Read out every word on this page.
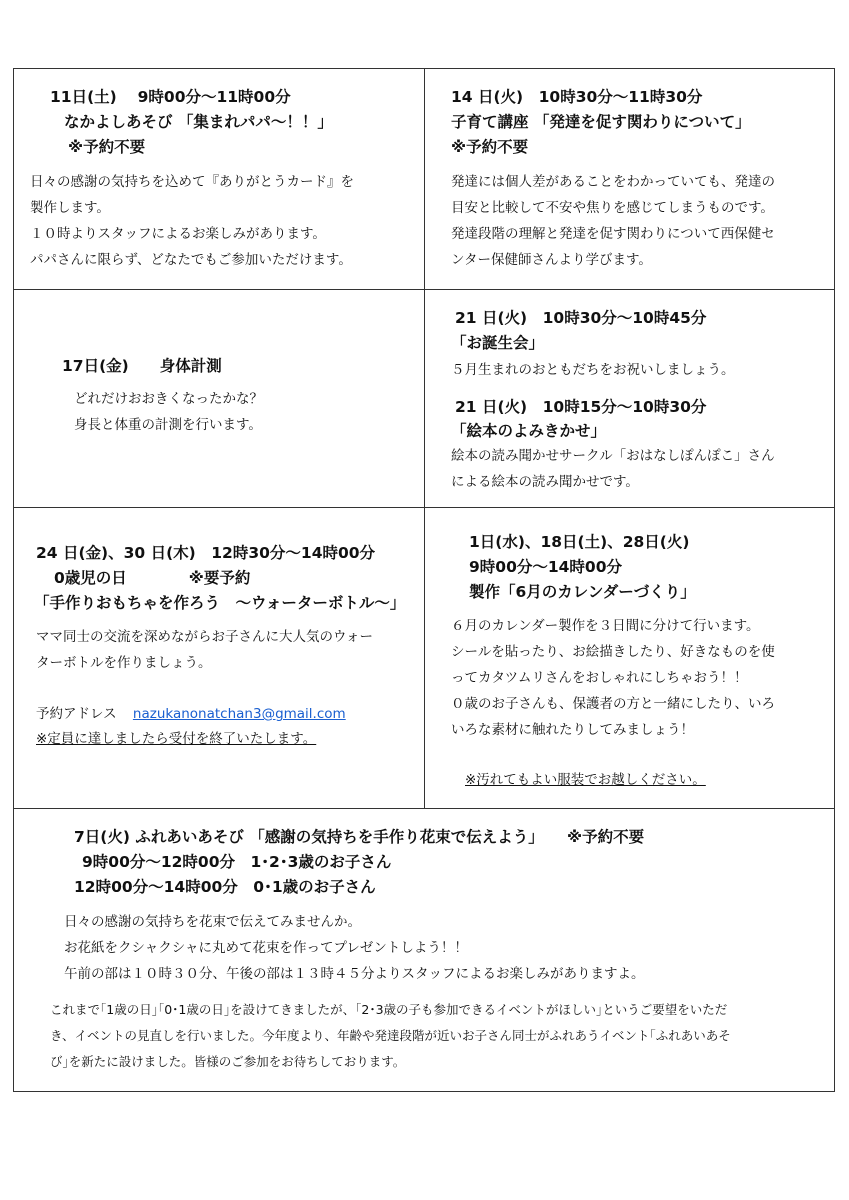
11日(土)　 9時00分～11時00分
なかよしあそび 「集まれパパ～！！」
※予約不要
日々の感謝の気持ちを込めて『ありがとうカード』を
製作します。
１０時よりスタッフによるお楽しみがあります。
パパさんに限らず、どなたでもご参加いただけます。
14 日(火)　10時30分～11時30分
子育て講座 「発達を促す関わりについて」
※予約不要
発達には個人差があることをわかっていても、発達の
目安と比較して不安や焦りを感じてしまうものです。
発達段階の理解と発達を促す関わりについて西保健セ
ンター保健師さんより学びます。
17日(金)　　身体計測
どれだけおおきくなったかな？
身長と体重の計測を行います。
21 日(火)　10時30分～10時45分
「お誕生会」
５月生まれのおともだちをお祝いしましょう。
21 日(火)　10時15分～10時30分
「絵本のよみきかせ」
絵本の読み聞かせサークル「おはなしぽんぽこ」さん
による絵本の読み聞かせです。
24 日(金)、30 日(木)　12時30分～14時00分
0歳児の日　　　　※要予約
「手作りおもちゃを作ろう　～ウォーターボトル～」
ママ同士の交流を深めながらお子さんに大人気のウォー
ターボトルを作りましょう。
予約アドレス nazukanonatchan3@gmail.com
※定員に達しましたら受付を終了いたします。
1日(水)、18日(土)、28日(火)
9時00分～14時00分
製作「6月のカレンダーづくり」
６月のカレンダー製作を３日間に分けて行います。
シールを貼ったり、お絵描きしたり、好きなものを使
ってカタツムリさんをおしゃれにしちゃおう！！
０歳のお子さんも、保護者の方と一緒にしたり、いろ
いろな素材に触れたりしてみましょう！
※汚れてもよい服装でお越しください。
7日(火) ふれあいあそび 「感謝の気持ちを手作り花束で伝えよう」　　※予約不要
9時00分～12時00分　1･2･3歳のお子さん
12時00分～14時00分　0･1歳のお子さん
日々の感謝の気持ちを花束で伝えてみませんか。
お花紙をクシャクシャに丸めて花束を作ってプレゼントしよう！！
午前の部は１０時３０分、午後の部は１３時４５分よりスタッフによるお楽しみがありますよ。
これまで｢1歳の日｣｢0･1歳の日｣を設けてきましたが、｢2･3歳の子も参加できるイベントがほしい｣というご要望をいただ
き、イベントの見直しを行いました。今年度より、年齢や発達段階が近いお子さん同士がふれあうイベント｢ふれあいあそ
び｣を新たに設けました。皆様のご参加をお待ちしております。
